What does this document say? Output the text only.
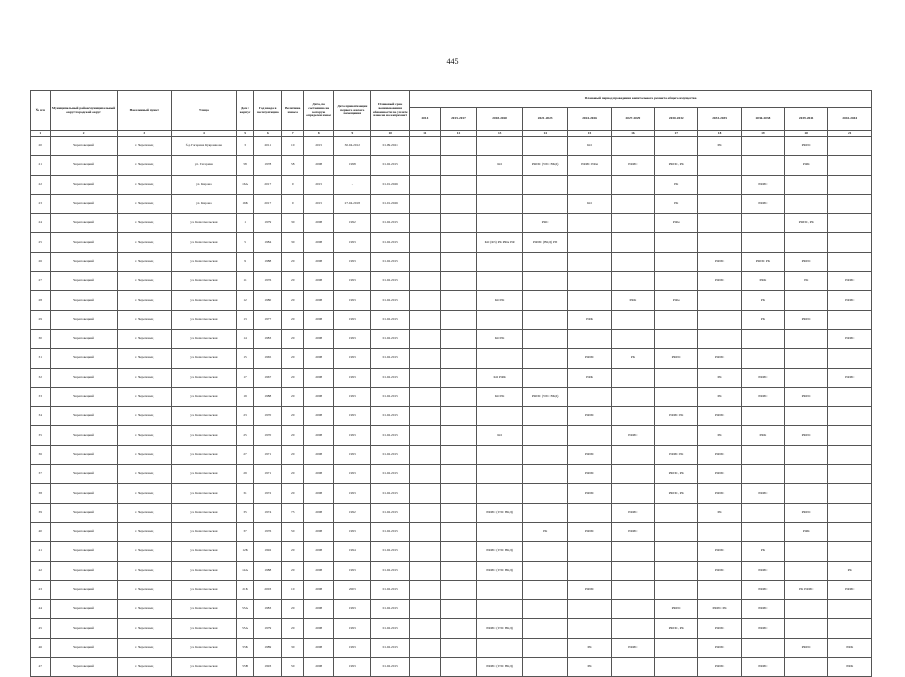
445
№ п/п	Муниципальный район/муниципальный округ/городской округ	Населенный пункт	Улица	Дом / корпус	Год ввода в эксплуатацию	Величина износа	Дата, по состоянию на которую определен износ	Дата приватизации первого жилого помещения	Плановый срок возникновения обязанности по уплате взносов на капремонт	Плановый период проведения капитального ремонта общего имущества										
										2014	2015-2017	2018-2020	2021-2023	2024-2026	2027-2029	2030-2032	2033-2035	2036-2038	2039-2041	2042-2044
1	2	3	4	5	6	7	8	9	10	11	12	13	14	15	16	17	18	19	20	21
20	Череповецкий	г. Череповец	б-р Гагарина Кукраннова	3	2011	10	2015	30.04.2012	01.09.2021					КО			РК		РФИС	
21	Череповецкий	г. Череповец	ул. Гагарина	58	1978	58	2008	1998	01.02.2015			КО	РФИС (УЛС ВКД)	РФИС РФм	РФИС	РФИС, РК			РФК	
22	Череповецкий	г. Череповец	ул. Кирова	16А	2017	0	2015	-	01.01.2026							РК		РФИС		
23	Череповецкий	г. Череповец	ул. Кирова	16Б	2017	0	2015	27.04.2018	01.01.2026					КО		РК		РФИС		
24	Череповецкий	г. Череповец	ул. Комсомольская	1	1979	30	2008	1992	01.02.2015				РФС			РФм			РФИС, РК	
25	Череповецкий	г. Череповец	ул. Комсомольская	5	1984	30	2008	1993	01.02.2015			КО (ФЗ) РК РФм РФ	РФИС (ВКД) РП							
26	Череповецкий	г. Череповец	ул. Комсомольская	9	1988	20	2008	1993	01.02.2015								РФИС	РФИС РК	РФИС	
27	Череповецкий	г. Череповец	ул. Комсомольская	11	1976	20	2008	1993	01.02.2015								РФИС	РФК	РК	РФИС
28	Череповецкий	г. Череповец	ул. Комсомольская	12	1980	20	2008	1993	01.02.2015			КО РК			РФК	РФм		РК		РФИС
29	Череповецкий	г. Череповец	ул. Комсомольская	13	1977	20	2008	1993	01.02.2015					РФК				РК	РФИС	
30	Череповецкий	г. Череповец	ул. Комсомольская	14	1983	20	2008	1993	01.02.2015			КО РК								РФИС
31	Череповецкий	г. Череповец	ул. Комсомольская	15	1965	20	2008	1993	01.02.2015					РФИС	РК	РФИС	РФИС			
32	Череповецкий	г. Череповец	ул. Комсомольская	17	1967	20	2008	1993	01.02.2015			КО РФК		РФК			РК	РФИС		РФИС
33	Череповецкий	г. Череповец	ул. Комсомольская	19	1988	20	2008	1993	01.02.2015			КО РК	РФИС (УЛС ВКД)				РК	РФИС	РФИС	
34	Череповецкий	г. Череповец	ул. Комсомольская	23	1970	20	2008	1993	01.02.2015					РФИС		РФИС РК	РФИС			
35	Череповецкий	г. Череповец	ул. Комсомольская	25	1970	20	2008	1993	01.02.2015			КО			РФИС		РК	РФК	РФИС	
36	Череповецкий	г. Череповец	ул. Комсомольская	27	1971	20	2008	1993	01.02.2015					РФИС		РФИС РК	РФИС			
37	Череповецкий	г. Череповец	ул. Комсомольская	29	1971	20	2008	1993	01.02.2015					РФИС		РФИС, РК	РФИС			
38	Череповецкий	г. Череповец	ул. Комсомольская	31	1972	20	2008	1993	01.02.2015					РФИС		РФИС, РК	РФИС	РФИС		
39	Череповецкий	г. Череповец	ул. Комсомольская	35	1974	73	2008	1992	01.02.2015			РФИС (УЛС ВКД)			РФИС		РК		РФИС	
40	Череповецкий	г. Череповец	ул. Комсомольская	37	1976	50	2008	1993	01.02.2015				РК	РФИС	РФИС				РФК	
41	Череповецкий	г. Череповец	ул. Комсомольская	12Б	1992	20	2008	1994	01.02.2015			РФИС (УЛС ВКД)					РФИС	РК		
42	Череповецкий	г. Череповец	ул. Комсомольская	14А	1988	20	2008	1993	01.02.2015			РФИС (УЛС ВКД)					РФИС	РФИС		РК
43	Череповецкий	г. Череповец	ул. Комсомольская	21Б	2003	10	2008	2003	01.02.2015					РФИС				РФИС	РК РФИС	РФИС
44	Череповецкий	г. Череповец	ул. Комсомольская	53А	1983	20	2008	1993	01.02.2015							РФИС	РФИС РК	РФИС		
45	Череповецкий	г. Череповец	ул. Комсомольская	55А	1979	20	2008	1993	01.02.2015			РФИС (УЛС ВКД)				РФИС, РК	РФИС	РФИС		
46	Череповецкий	г. Череповец	ул. Комсомольская	55Б	1989	30	2008	1993	01.02.2015					РК	РФИС		РФИС		РФИС	РФК
47	Череповецкий	г. Череповец	ул. Комсомольская	55В	1993	50	2008	1993	01.02.2015			РФИС (УЛС ВКД)		РК			РФИС	РФИС		РФК
